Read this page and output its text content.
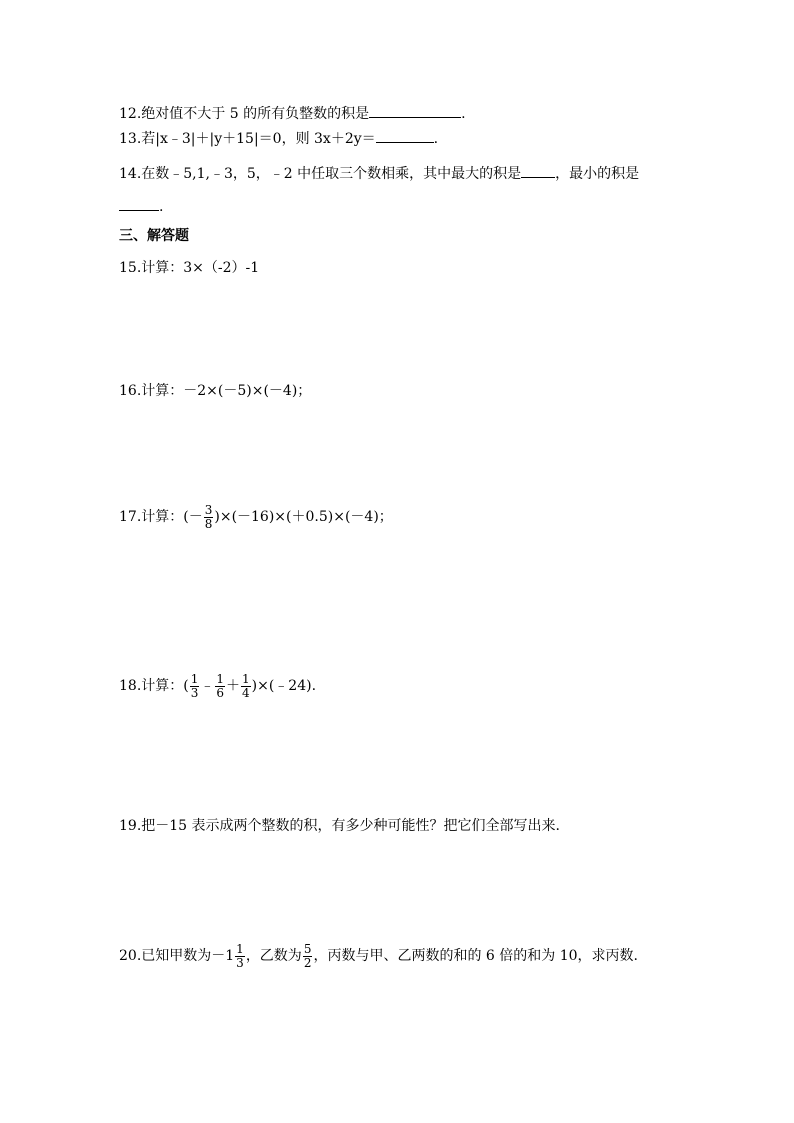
12.绝对值不大于 5 的所有负整数的积是	.
13.若|x﹣3|＋|y＋15|＝0，则 3x＋2y＝	.
14.在数﹣5,1,﹣3，5，﹣2 中任取三个数相乘，其中最大的积是 ，最小的积是
.
三、解答题
15.计算：3×（-2）-1
16.计算：－2×(－5)×(－4)；
17.计算：(－ $\frac{3}{8} )\times(-16)\times(+0.5)\times(-4)$；
18.计算：( $\frac{1}{3}$ ﹣ $\frac{1}{6} + \frac{1}{4}$ )×(﹣24).
19.把－15 表示成两个整数的积，有多少种可能性？把它们全部写出来.
20.已知甲数为$-1 \frac{1}{3}$ ，乙数为 $\frac{5}{2}$ ，丙数与甲、乙两数的和的 6 倍的和为 10，求丙数.
